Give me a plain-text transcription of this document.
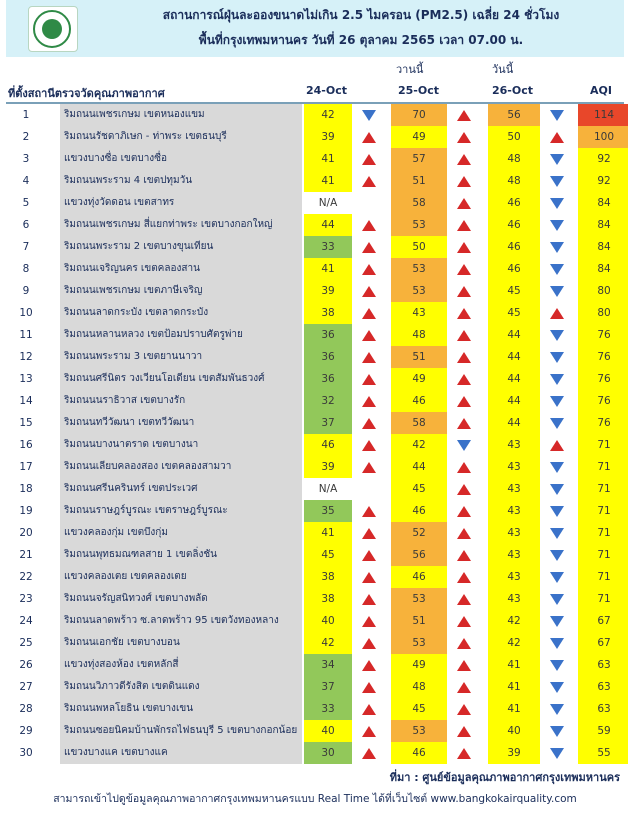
สถานการณ์ฝุ่นละอองขนาดไม่เกิน 2.5 ไมครอน (PM2.5) เฉลี่ย 24 ชั่วโมง
พื้นที่กรุงเทพมหานคร วันที่ 26 ตุลาคม 2565 เวลา 07.00 น.
วานนี้	วันนี้
ที่ตั้งสถานีตรวจวัดคุณภาพอากาศ	24-Oct	25-Oct	26-Oct	AQI
1	ริมถนนเพชรเกษม เขตหนองแขม	42	70	56	114
2	ริมถนนรัชดาภิเษก - ท่าพระ เขตธนบุรี	39	49	50	100
3	แขวงบางซื่อ เขตบางซื่อ	41	57	48	92
4	ริมถนนพระราม 4 เขตปทุมวัน	41	51	48	92
5	แขวงทุ่งวัดดอน เขตสาทร	N/A	58	46	84
6	ริมถนนเพชรเกษม สี่แยกท่าพระ เขตบางกอกใหญ่	44	53	46	84
7	ริมถนนพระราม 2 เขตบางขุนเทียน	33	50	46	84
8	ริมถนนเจริญนคร เขตคลองสาน	41	53	46	84
9	ริมถนนเพชรเกษม เขตภาษีเจริญ	39	53	45	80
10	ริมถนนลาดกระบัง เขตลาดกระบัง	38	43	45	80
11	ริมถนนหลานหลวง เขตป้อมปราบศัตรูพ่าย	36	48	44	76
12	ริมถนนพระราม 3 เขตยานนาวา	36	51	44	76
13	ริมถนนศรีนิตร วงเวียนโอเดียน เขตสัมพันธวงศ์	36	49	44	76
14	ริมถนนนราธิวาส เขตบางรัก	32	46	44	76
15	ริมถนนทวีวัฒนา เขตทวีวัฒนา	37	58	44	76
16	ริมถนนบางนาตราด เขตบางนา	46	42	43	71
17	ริมถนนเลียบคลองสอง เขตคลองสามวา	39	44	43	71
18	ริมถนนศรีนครินทร์ เขตประเวศ	N/A	45	43	71
19	ริมถนนราษฎร์บูรณะ เขตราษฎร์บูรณะ	35	46	43	71
20	แขวงคลองกุ่ม เขตบึงกุ่ม	41	52	43	71
21	ริมถนนพุทธมณฑลสาย 1 เขตลิ่งชัน	45	56	43	71
22	แขวงคลองเตย เขตคลองเตย	38	46	43	71
23	ริมถนนจรัญสนิทวงศ์ เขตบางพลัด	38	53	43	71
24	ริมถนนลาดพร้าว ซ.ลาดพร้าว 95 เขตวังทองหลาง	40	51	42	67
25	ริมถนนเอกชัย เขตบางบอน	42	53	42	67
26	แขวงทุ่งสองห้อง เขตหลักสี่	34	49	41	63
27	ริมถนนวิภาวดีรังสิต เขตดินแดง	37	48	41	63
28	ริมถนนพหลโยธิน เขตบางเขน	33	45	41	63
29	ริมถนนซอยนิคมบ้านพักรถไฟธนบุรี 5 เขตบางกอกน้อย	40	53	40	59
30	แขวงบางแค เขตบางแค	30	46	39	55
ที่มา : ศูนย์ข้อมูลคุณภาพอากาศกรุงเทพมหานคร
สามารถเข้าไปดูข้อมูลคุณภาพอากาศกรุงเทพมหานครแบบ Real Time ได้ที่เว็บไซต์ www.bangkokairquality.com
